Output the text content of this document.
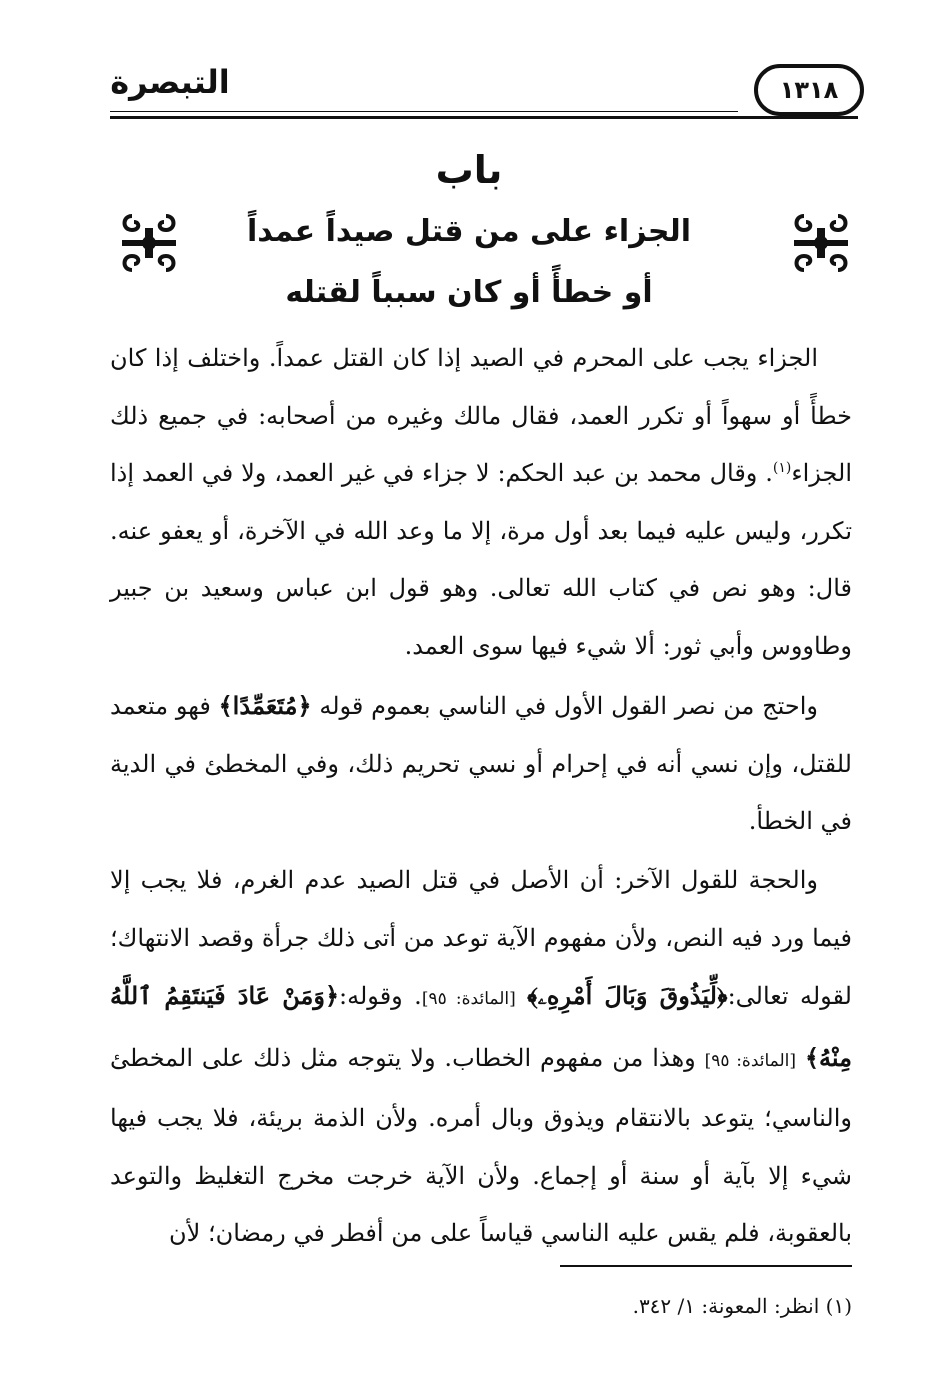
التبصرة	١٣١٨
باب
الجزاء على من قتل صيداً عمداً
أو خطأً أو كان سبباً لقتله

الجزاء يجب على المحرم في الصيد إذا كان القتل عمداً. واختلف إذا كان خطأً أو سهواً أو تكرر العمد، فقال مالك وغيره من أصحابه: في جميع ذلك الجزاء$^{(١)}$. وقال محمد بن عبد الحكم: لا جزاء في غير العمد، ولا في العمد إذا تكرر، وليس عليه فيما بعد أول مرة، إلا ما وعد الله في الآخرة، أو يعفو عنه. قال: وهو نص في كتاب الله تعالى. وهو قول ابن عباس وسعيد بن جبير وطاووس وأبي ثور: ألا شيء فيها سوى العمد.

واحتج من نصر القول الأول في الناسي بعموم قوله ﴿مُتَعَمِّدًا﴾ فهو متعمد للقتل، وإن نسي أنه في إحرام أو نسي تحريم ذلك، وفي المخطئ في الدية في الخطأ.

والحجة للقول الآخر: أن الأصل في قتل الصيد عدم الغرم، فلا يجب إلا فيما ورد فيه النص، ولأن مفهوم الآية توعد من أتى ذلك جرأة وقصد الانتهاك؛ لقوله تعالى:﴿لِّيَذُوقَ وَبَالَ أَمْرِهِۦ﴾ [المائدة: ٩٥]. وقوله:﴿وَمَنْ عَادَ فَيَنتَقِمُ ٱللَّهُ مِنْهُ﴾ [المائدة: ٩٥] وهذا من مفهوم الخطاب. ولا يتوجه مثل ذلك على المخطئ والناسي؛ يتوعد بالانتقام ويذوق وبال أمره. ولأن الذمة بريئة، فلا يجب فيها شيء إلا بآية أو سنة أو إجماع. ولأن الآية خرجت مخرج التغليظ والتوعد بالعقوبة، فلم يقس عليه الناسي قياساً على من أفطر في رمضان؛ لأن

(١) انظر: المعونة: ١/ ٣٤٢.
